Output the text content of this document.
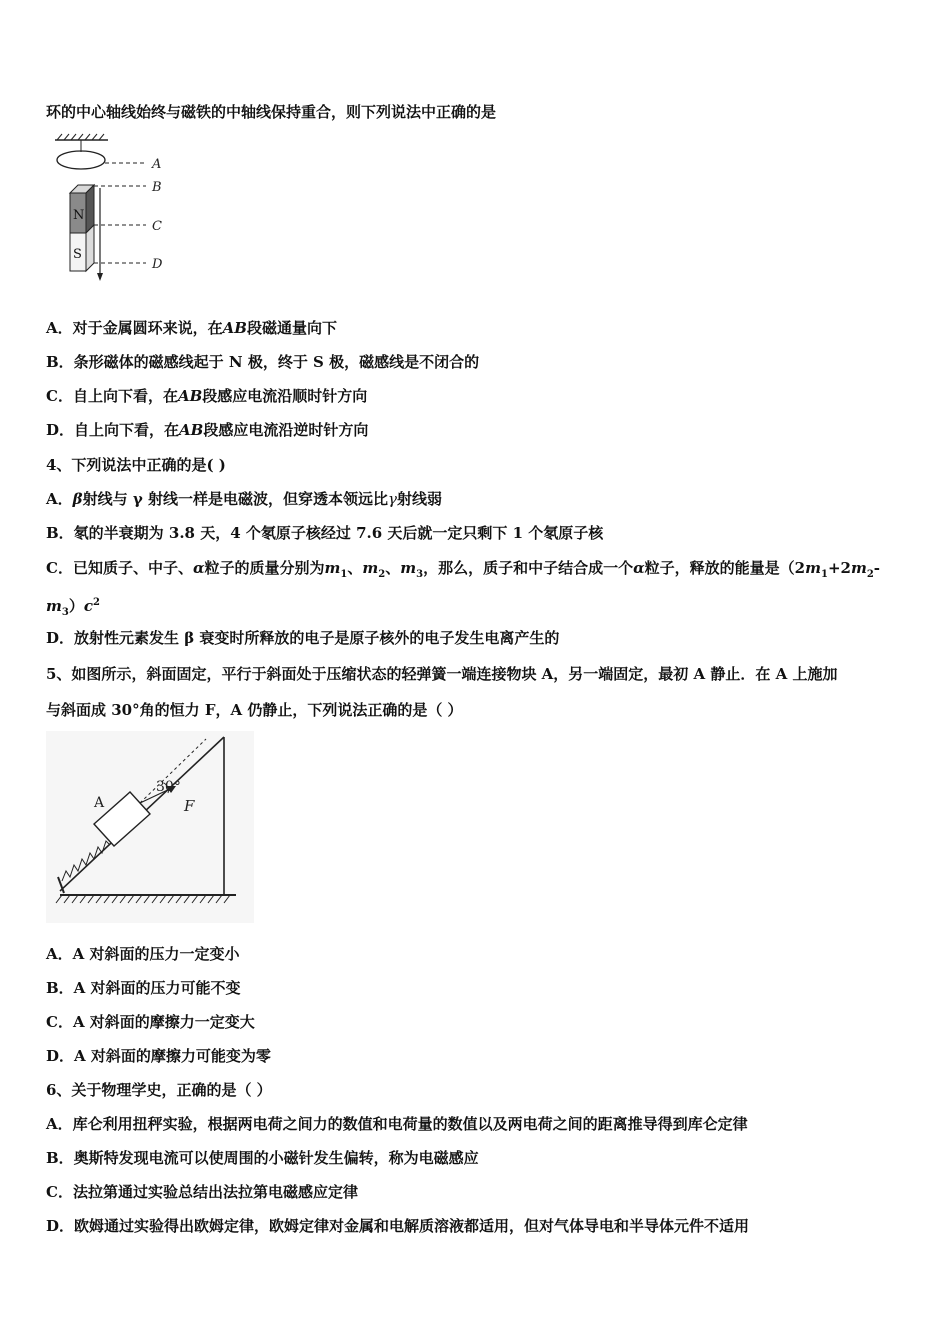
环的中心轴线始终与磁铁的中轴线保持重合，则下列说法中正确的是
N
S
A
B
C
D
A．对于金属圆环来说，在AB段磁通量向下
B．条形磁体的磁感线起于 N 极，终于 S 极，磁感线是不闭合的
C．自上向下看，在AB段感应电流沿顺时针方向
D．自上向下看，在AB段感应电流沿逆时针方向
4、下列说法中正确的是( )
A．β射线与 γ 射线一样是电磁波，但穿透本领远比γ射线弱
B．氡的半衰期为 3.8 天，4 个氡原子核经过 7.6 天后就一定只剩下 1 个氡原子核
C．已知质子、中子、α粒子的质量分别为$m_1$、$m_2$、$m_3$，那么，质子和中子结合成一个α粒子，释放的能量是（$2m_1+2m_2-$
$m_3)c^2$
D．放射性元素发生 β 衰变时所释放的电子是原子核外的电子发生电离产生的
5、如图所示，斜面固定，平行于斜面处于压缩状态的轻弹簧一端连接物块 A，另一端固定，最初 A 静止．在 A 上施加
与斜面成 30°角的恒力 F，A 仍静止，下列说法正确的是（ ）
A
30°
F
A．A 对斜面的压力一定变小
B．A 对斜面的压力可能不变
C．A 对斜面的摩擦力一定变大
D．A 对斜面的摩擦力可能变为零
6、关于物理学史，正确的是（ ）
A．库仑利用扭秤实验，根据两电荷之间力的数值和电荷量的数值以及两电荷之间的距离推导得到库仑定律
B．奥斯特发现电流可以使周围的小磁针发生偏转，称为电磁感应
C．法拉第通过实验总结出法拉第电磁感应定律
D．欧姆通过实验得出欧姆定律，欧姆定律对金属和电解质溶液都适用，但对气体导电和半导体元件不适用
